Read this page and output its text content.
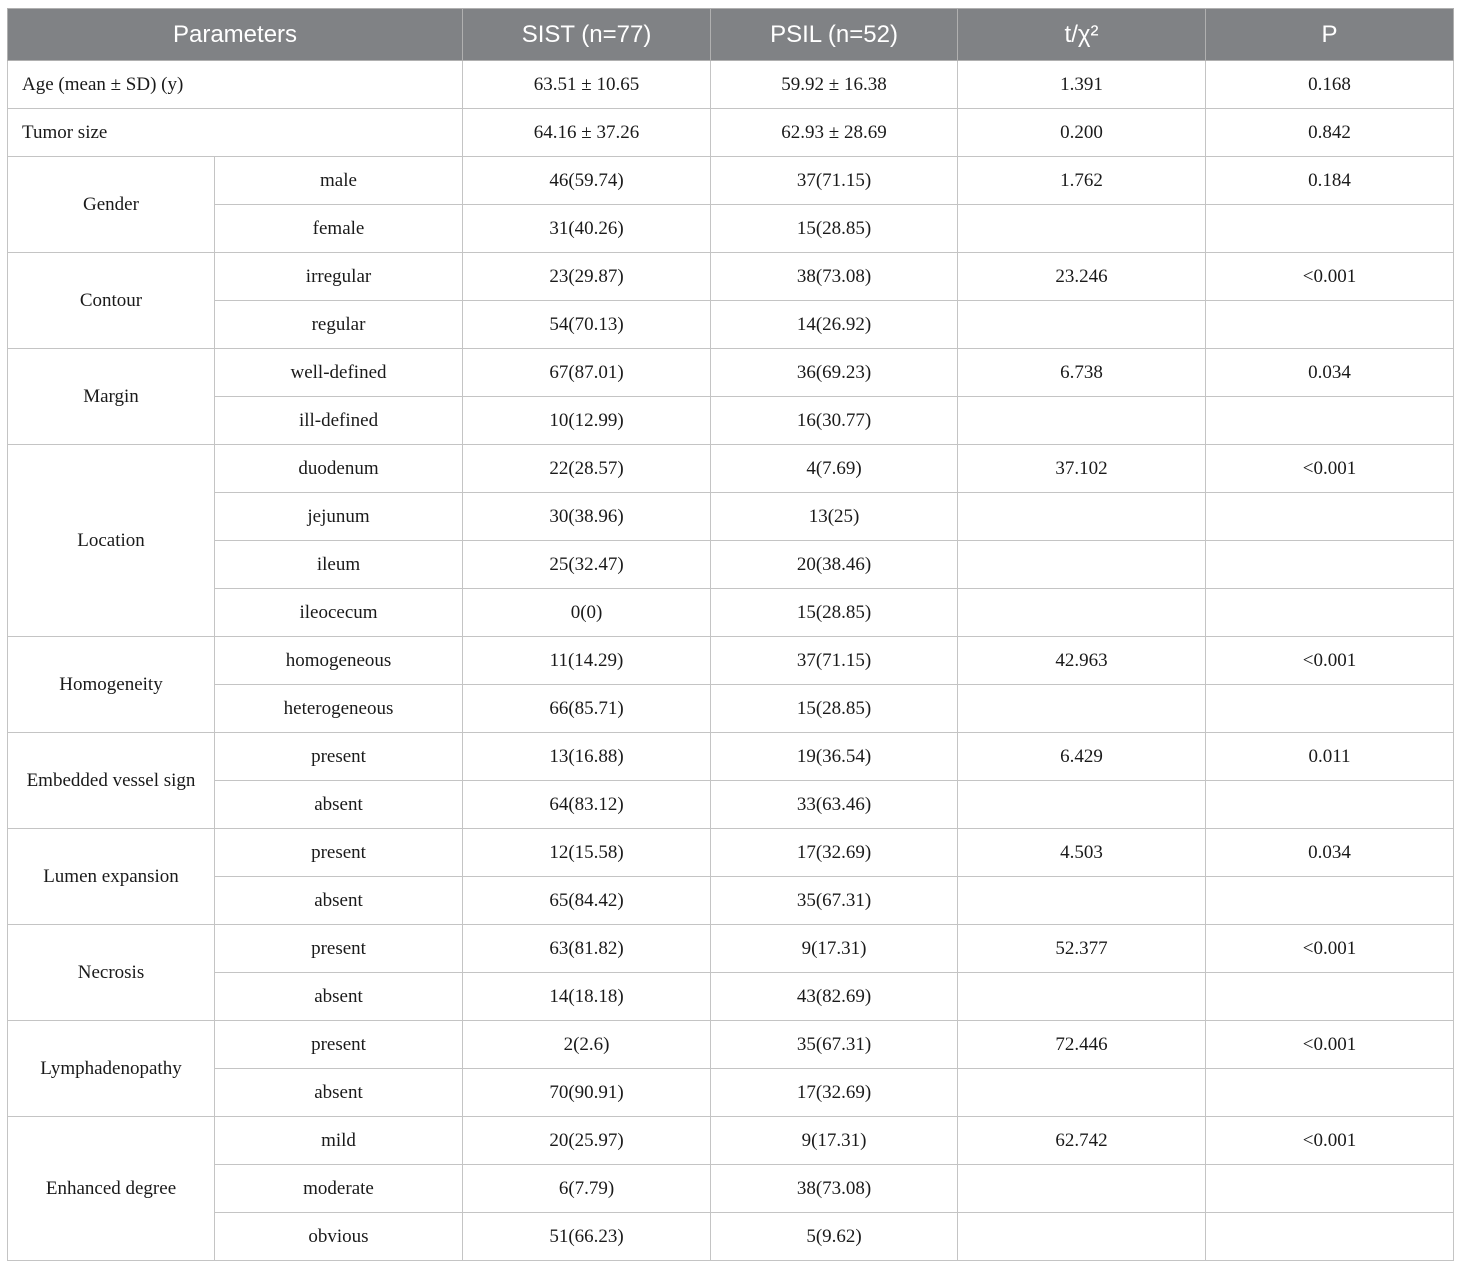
Parameters		SIST (n=77)	PSIL (n=52)	t/χ²	P
Age (mean ± SD) (y)		63.51 ± 10.65	59.92 ± 16.38	1.391	0.168
Tumor size		64.16 ± 37.26	62.93 ± 28.69	0.200	0.842
Gender	male	46(59.74)	37(71.15)	1.762	0.184
	female	31(40.26)	15(28.85)		
Contour	irregular	23(29.87)	38(73.08)	23.246	<0.001
	regular	54(70.13)	14(26.92)		
Margin	well-defined	67(87.01)	36(69.23)	6.738	0.034
	ill-defined	10(12.99)	16(30.77)		
Location	duodenum	22(28.57)	4(7.69)	37.102	<0.001
	jejunum	30(38.96)	13(25)		
	ileum	25(32.47)	20(38.46)		
	ileocecum	0(0)	15(28.85)		
Homogeneity	homogeneous	11(14.29)	37(71.15)	42.963	<0.001
	heterogeneous	66(85.71)	15(28.85)		
Embedded vessel sign	present	13(16.88)	19(36.54)	6.429	0.011
	absent	64(83.12)	33(63.46)		
Lumen expansion	present	12(15.58)	17(32.69)	4.503	0.034
	absent	65(84.42)	35(67.31)		
Necrosis	present	63(81.82)	9(17.31)	52.377	<0.001
	absent	14(18.18)	43(82.69)		
Lymphadenopathy	present	2(2.6)	35(67.31)	72.446	<0.001
	absent	70(90.91)	17(32.69)		
Enhanced degree	mild	20(25.97)	9(17.31)	62.742	<0.001
	moderate	6(7.79)	38(73.08)		
	obvious	51(66.23)	5(9.62)		
